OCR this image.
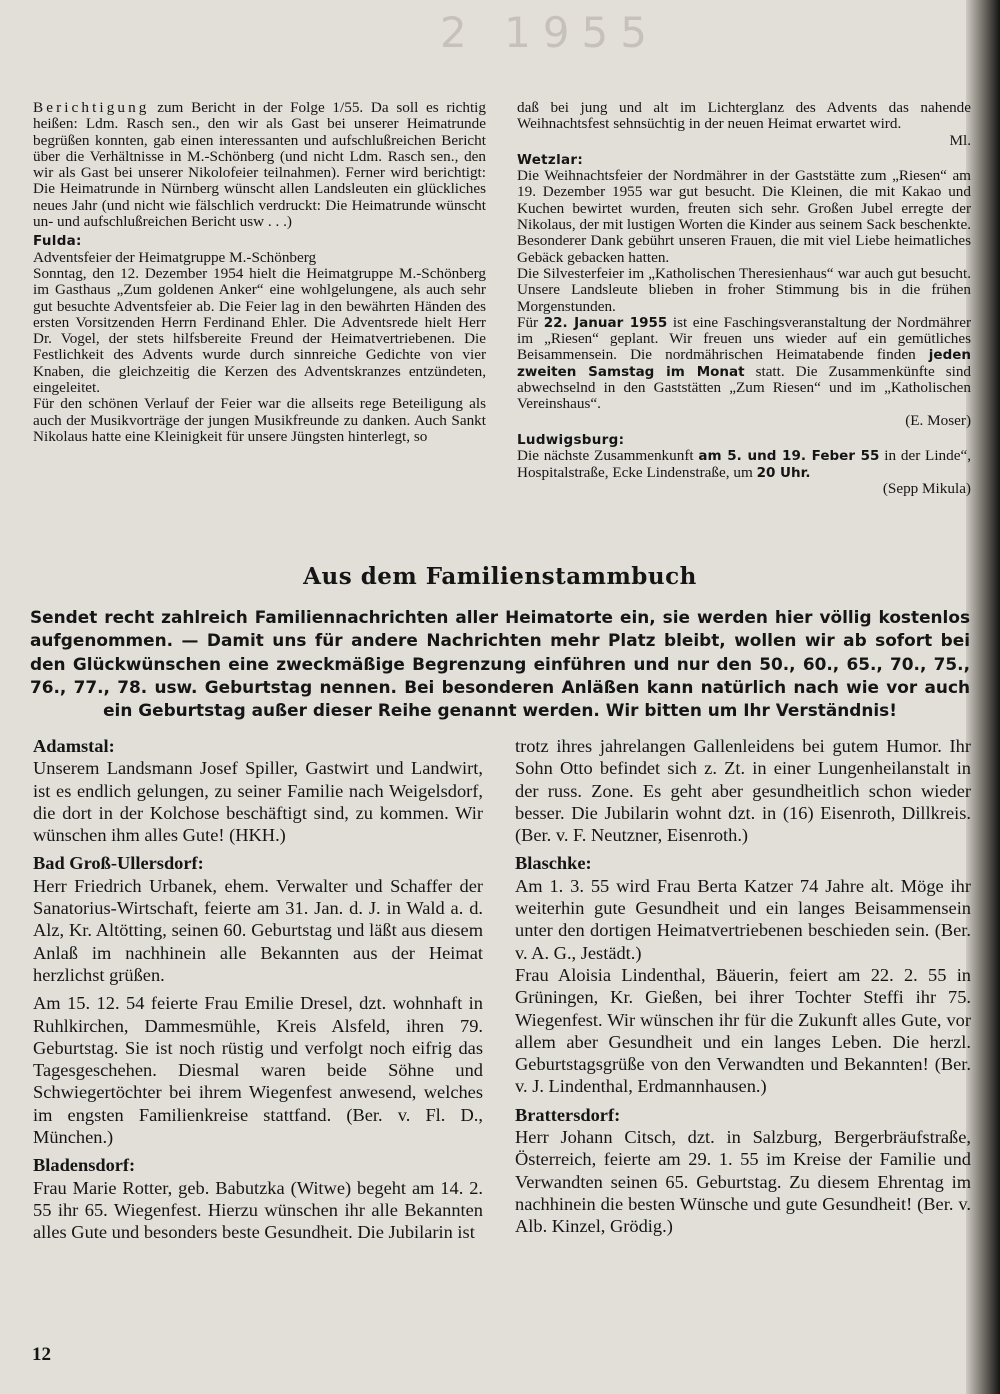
2 1955

Berichtigung zum Bericht in der Folge 1/55. Da soll es richtig heißen: Ldm. Rasch sen., den wir als Gast bei unserer Heimatrunde begrüßen konnten, gab einen interessanten und aufschlußreichen Bericht über die Verhältnisse in M.-Schönberg (und nicht Ldm. Rasch sen., den wir als Gast bei unserer Nikolofeier teilnahmen). Ferner wird berichtigt: Die Heimatrunde in Nürnberg wünscht allen Landsleuten ein glückliches neues Jahr (und nicht wie fälschlich verdruckt: Die Heimatrunde wünscht un- und aufschlußreichen Bericht usw . . .)

Fulda:

Adventsfeier der Heimatgruppe M.-Schönberg

Sonntag, den 12. Dezember 1954 hielt die Heimatgruppe M.-Schönberg im Gasthaus „Zum goldenen Anker“ eine wohlgelungene, als auch sehr gut besuchte Adventsfeier ab. Die Feier lag in den bewährten Händen des ersten Vorsitzenden Herrn Ferdinand Ehler. Die Adventsrede hielt Herr Dr. Vogel, der stets hilfsbereite Freund der Heimatvertriebenen. Die Festlichkeit des Advents wurde durch sinnreiche Gedichte von vier Knaben, die gleichzeitig die Kerzen des Adventskranzes entzündeten, eingeleitet.

Für den schönen Verlauf der Feier war die allseits rege Beteiligung als auch der Musikvorträge der jungen Musikfreunde zu danken. Auch Sankt Nikolaus hatte eine Kleinigkeit für unsere Jüngsten hinterlegt, so

daß bei jung und alt im Lichterglanz des Advents das nahende Weihnachtsfest sehnsüchtig in der neuen Heimat erwartet wird.

Ml.

Wetzlar:

Die Weihnachtsfeier der Nordmährer in der Gaststätte zum „Riesen“ am 19. Dezember 1955 war gut besucht. Die Kleinen, die mit Kakao und Kuchen bewirtet wurden, freuten sich sehr. Großen Jubel erregte der Nikolaus, der mit lustigen Worten die Kinder aus seinem Sack beschenkte. Besonderer Dank gebührt unseren Frauen, die mit viel Liebe heimatliches Gebäck gebacken hatten.

Die Silvesterfeier im „Katholischen Theresienhaus“ war auch gut besucht. Unsere Landsleute blieben in froher Stimmung bis in die frühen Morgenstunden.

Für 22. Januar 1955 ist eine Faschingsveranstaltung der Nordmährer im „Riesen“ geplant. Wir freuen uns wieder auf ein gemütliches Beisammensein. Die nordmährischen Heimatabende finden jeden zweiten Samstag im Monat statt. Die Zusammenkünfte sind abwechselnd in den Gaststätten „Zum Riesen“ und im „Katholischen Vereinshaus“.

(E. Moser)

Ludwigsburg:

Die nächste Zusammenkunft am 5. und 19. Feber 55 in der Linde“, Hospitalstraße, Ecke Lindenstraße, um 20 Uhr.

(Sepp Mikula)

Aus dem Familienstammbuch
Sendet recht zahlreich Familiennachrichten aller Heimatorte ein, sie werden hier völlig kostenlos aufgenommen. — Damit uns für andere Nachrichten mehr Platz bleibt, wollen wir ab sofort bei den Glückwünschen eine zweckmäßige Begrenzung einführen und nur den 50., 60., 65., 70., 75., 76., 77., 78. usw. Geburtstag nennen. Bei besonderen Anläßen kann natürlich nach wie vor auch ein Geburtstag außer dieser Reihe genannt werden. Wir bitten um Ihr Verständnis!

Adamstal:

Unserem Landsmann Josef Spiller, Gastwirt und Landwirt, ist es endlich gelungen, zu seiner Familie nach Weigelsdorf, die dort in der Kolchose beschäftigt sind, zu kommen. Wir wünschen ihm alles Gute! (HKH.)

Bad Groß-Ullersdorf:

Herr Friedrich Urbanek, ehem. Verwalter und Schaffer der Sanatorius-Wirtschaft, feierte am 31. Jan. d. J. in Wald a. d. Alz, Kr. Altötting, seinen 60. Geburtstag und läßt aus diesem Anlaß im nachhinein alle Bekannten aus der Heimat herzlichst grüßen.

Am 15. 12. 54 feierte Frau Emilie Dresel, dzt. wohnhaft in Ruhlkirchen, Dammesmühle, Kreis Alsfeld, ihren 79. Geburtstag. Sie ist noch rüstig und verfolgt noch eifrig das Tagesgeschehen. Diesmal waren beide Söhne und Schwiegertöchter bei ihrem Wiegenfest anwesend, welches im engsten Familienkreise stattfand. (Ber. v. Fl. D., München.)

Bladensdorf:

Frau Marie Rotter, geb. Babutzka (Witwe) begeht am 14. 2. 55 ihr 65. Wiegenfest. Hierzu wünschen ihr alle Bekannten alles Gute und besonders beste Gesundheit. Die Jubilarin ist

trotz ihres jahrelangen Gallenleidens bei gutem Humor. Ihr Sohn Otto befindet sich z. Zt. in einer Lungenheilanstalt in der russ. Zone. Es geht aber gesundheitlich schon wieder besser. Die Jubilarin wohnt dzt. in (16) Eisenroth, Dillkreis. (Ber. v. F. Neutzner, Eisenroth.)

Blaschke:

Am 1. 3. 55 wird Frau Berta Katzer 74 Jahre alt. Möge ihr weiterhin gute Gesundheit und ein langes Beisammensein unter den dortigen Heimatvertriebenen beschieden sein. (Ber. v. A. G., Jestädt.)

Frau Aloisia Lindenthal, Bäuerin, feiert am 22. 2. 55 in Grüningen, Kr. Gießen, bei ihrer Tochter Steffi ihr 75. Wiegenfest. Wir wünschen ihr für die Zukunft alles Gute, vor allem aber Gesundheit und ein langes Leben. Die herzl. Geburtstagsgrüße von den Verwandten und Bekannten! (Ber. v. J. Lindenthal, Erdmannhausen.)

Brattersdorf:

Herr Johann Citsch, dzt. in Salzburg, Bergerbräufstraße, Österreich, feierte am 29. 1. 55 im Kreise der Familie und Verwandten seinen 65. Geburtstag. Zu diesem Ehrentag im nachhinein die besten Wünsche und gute Gesundheit! (Ber. v. Alb. Kinzel, Grödig.)

12
